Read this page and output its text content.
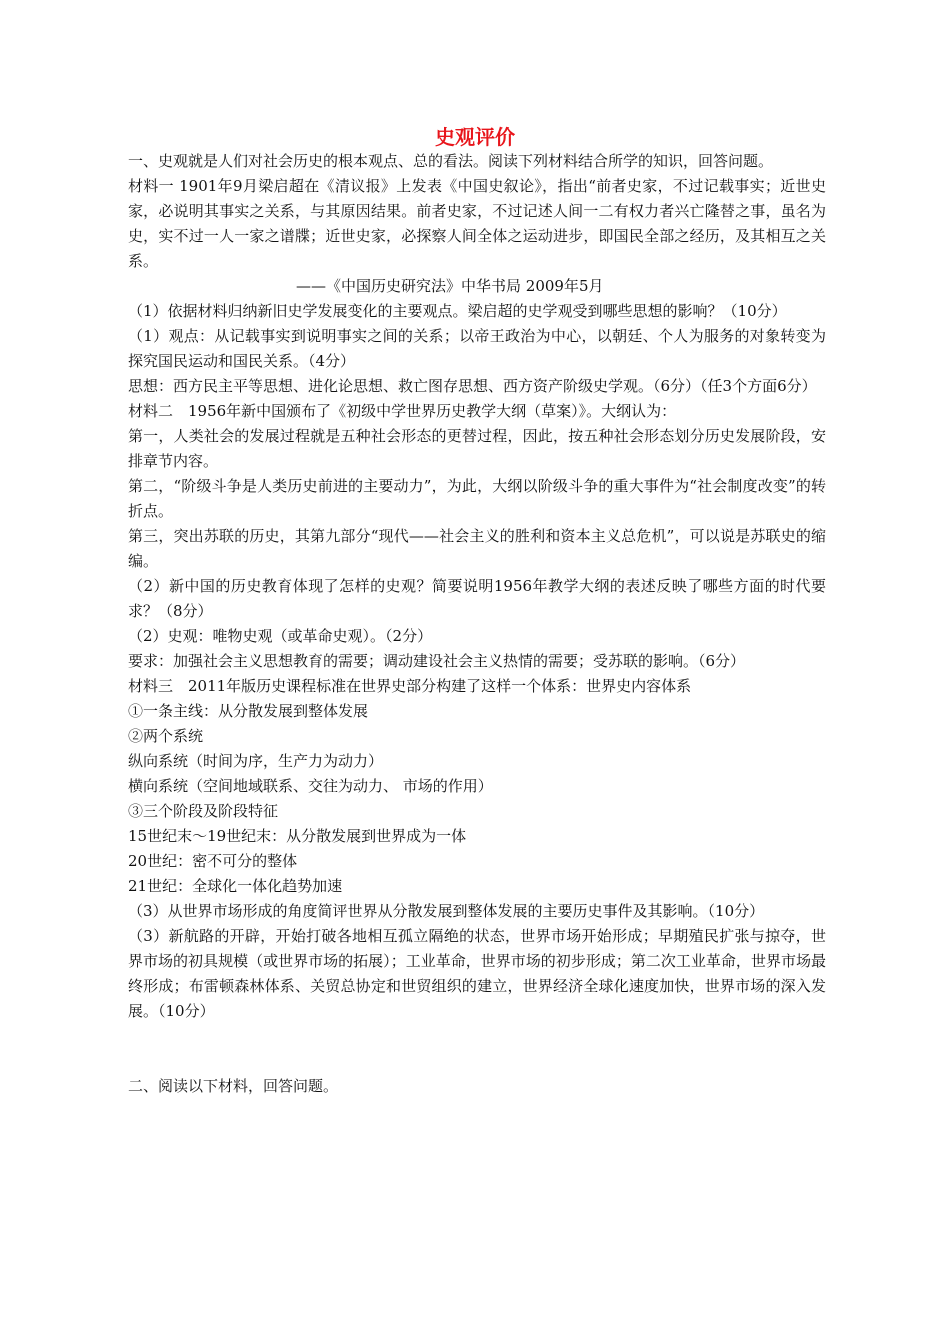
史观评价

一、史观就是人们对社会历史的根本观点、总的看法。阅读下列材料结合所学的知识，回答问题。

材料一 1901年9月梁启超在《清议报》上发表《中国史叙论》，指出“前者史家，不过记载事实；近世史家，必说明其事实之关系，与其原因结果。前者史家，不过记述人间一二有权力者兴亡隆替之事，虽名为史，实不过一人一家之谱牒；近世史家，必探察人间全体之运动进步，即国民全部之经历，及其相互之关系。

——《中国历史研究法》中华书局 2009年5月

（1）依据材料归纳新旧史学发展变化的主要观点。梁启超的史学观受到哪些思想的影响？（10分）

（1）观点：从记载事实到说明事实之间的关系；以帝王政治为中心，以朝廷、个人为服务的对象转变为探究国民运动和国民关系。（4分）

思想：西方民主平等思想、进化论思想、救亡图存思想、西方资产阶级史学观。（6分）（任3个方面6分）

材料二　1956年新中国颁布了《初级中学世界历史教学大纲（草案）》。大纲认为：

第一，人类社会的发展过程就是五种社会形态的更替过程，因此，按五种社会形态划分历史发展阶段，安排章节内容。

第二，“阶级斗争是人类历史前进的主要动力”，为此，大纲以阶级斗争的重大事件为“社会制度改变”的转折点。

第三，突出苏联的历史，其第九部分“现代——社会主义的胜利和资本主义总危机”，可以说是苏联史的缩编。

（2）新中国的历史教育体现了怎样的史观？简要说明1956年教学大纲的表述反映了哪些方面的时代要求？（8分）

（2）史观：唯物史观（或革命史观）。（2分）

要求：加强社会主义思想教育的需要；调动建设社会主义热情的需要；受苏联的影响。（6分）

材料三　2011年版历史课程标准在世界史部分构建了这样一个体系：世界史内容体系

①一条主线：从分散发展到整体发展

②两个系统

纵向系统（时间为序，生产力为动力）

横向系统（空间地域联系、交往为动力、 市场的作用）

③三个阶段及阶段特征

15世纪末～19世纪末：从分散发展到世界成为一体

20世纪：密不可分的整体

21世纪：全球化一体化趋势加速

（3）从世界市场形成的角度简评世界从分散发展到整体发展的主要历史事件及其影响。（10分）

（3）新航路的开辟，开始打破各地相互孤立隔绝的状态，世界市场开始形成；早期殖民扩张与掠夺，世界市场的初具规模（或世界市场的拓展）；工业革命，世界市场的初步形成；第二次工业革命，世界市场最终形成；布雷顿森林体系、关贸总协定和世贸组织的建立，世界经济全球化速度加快，世界市场的深入发展。（10分）

二、阅读以下材料，回答问题。
